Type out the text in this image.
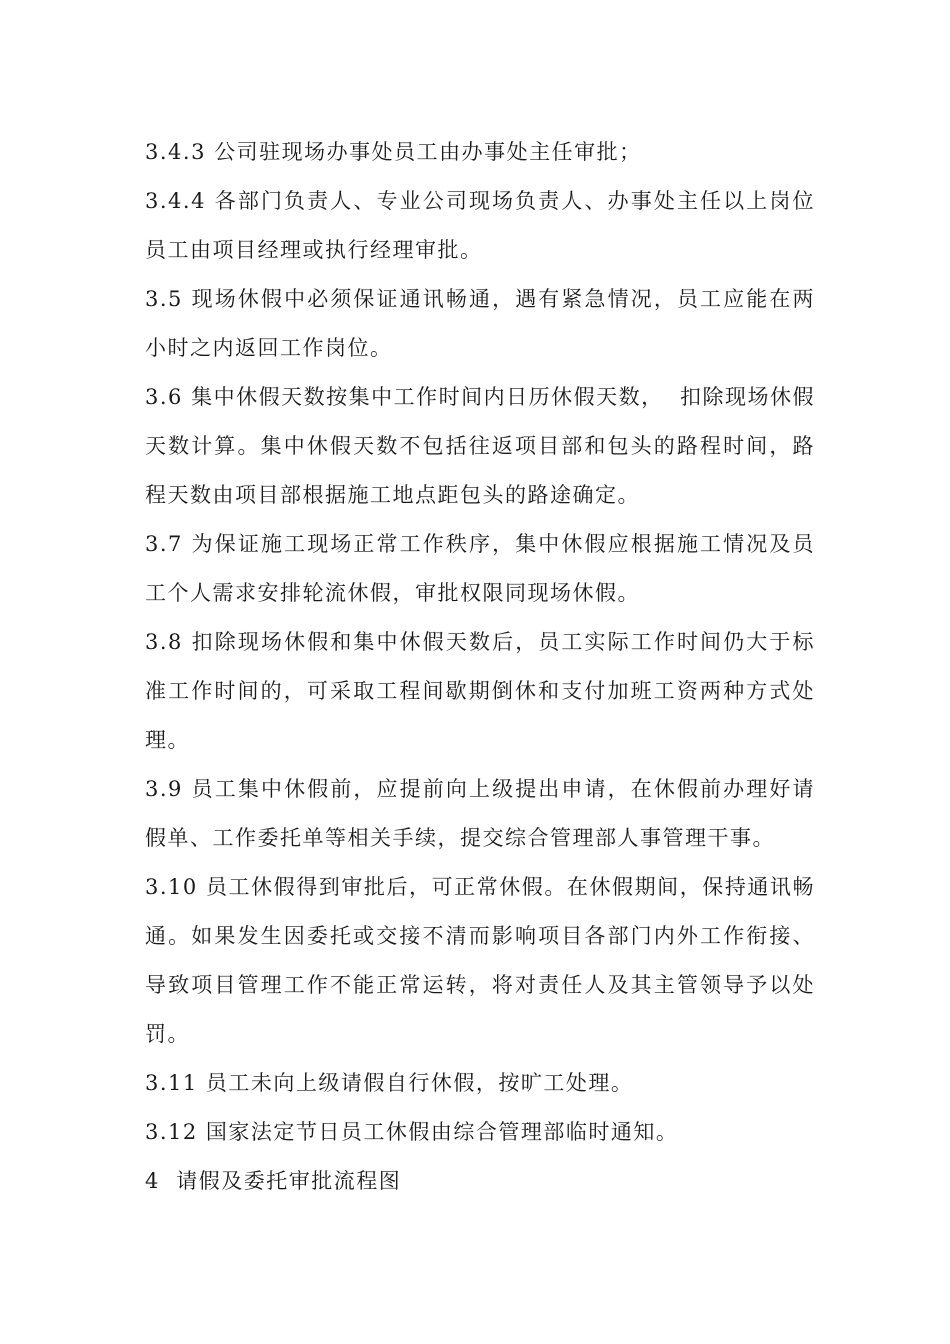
3.4.3 公司驻现场办事处员工由办事处主任审批；

3.4.4 各部门负责人、专业公司现场负责人、办事处主任以上岗位员工由项目经理或执行经理审批。

3.5 现场休假中必须保证通讯畅通，遇有紧急情况，员工应能在两小时之内返回工作岗位。

3.6 集中休假天数按集中工作时间内日历休假天数，  扣除现场休假天数计算。集中休假天数不包括往返项目部和包头的路程时间，路程天数由项目部根据施工地点距包头的路途确定。

3.7 为保证施工现场正常工作秩序，集中休假应根据施工情况及员工个人需求安排轮流休假，审批权限同现场休假。

3.8 扣除现场休假和集中休假天数后，员工实际工作时间仍大于标准工作时间的，可采取工程间歇期倒休和支付加班工资两种方式处理。

3.9 员工集中休假前，应提前向上级提出申请，在休假前办理好请假单、工作委托单等相关手续，提交综合管理部人事管理干事。

3.10 员工休假得到审批后，可正常休假。在休假期间，保持通讯畅通。如果发生因委托或交接不清而影响项目各部门内外工作衔接、导致项目管理工作不能正常运转，将对责任人及其主管领导予以处罚。

3.11 员工未向上级请假自行休假，按旷工处理。

3.12 国家法定节日员工休假由综合管理部临时通知。

4  请假及委托审批流程图
